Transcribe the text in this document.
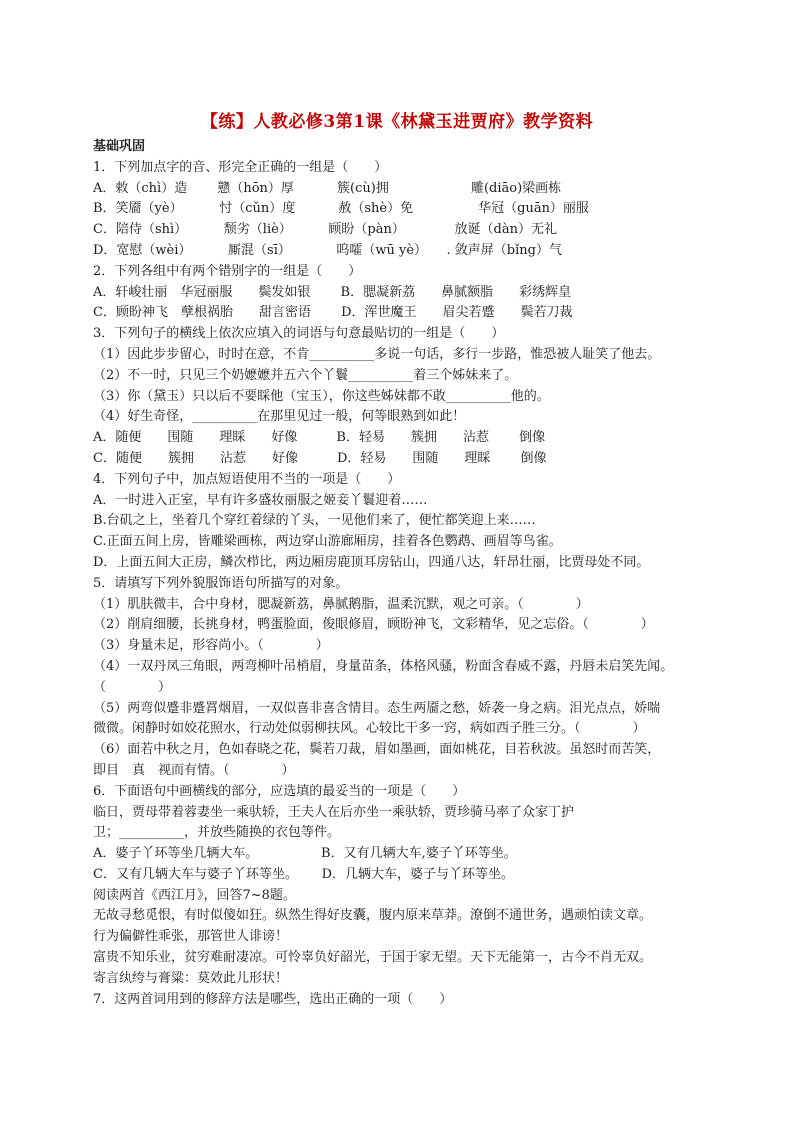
【练】人教必修3第1课《林黛玉进贾府》教学资料
基础巩固
1．下列加点字的音、形完全正确的一组是（　　）
A．敕（chì）造　　 戆（hōn）厚　　　 簇(cù)拥　　　　　　 雕(diāo)梁画栋
B．笑靥（yè）　　　 忖（cǔn）度　　　 赦（shè）免　　　　　华冠（guān）丽服
C．陪侍（shì）　　　 颓劣（liè）　　　 顾盼（pàn）　　　　 放诞（dàn）无礼
D．宽慰（wèi）　　　 厮混（sī）　　　　呜嚯（wū yè）　　. 敛声屏（bǐng）气
2．下列各组中有两个错别字的一组是（　　）
A．轩峻壮丽　华冠丽服　　鬓发如银　　 B．腮凝新荔　　鼻腻额脂　　彩绣辉皇
C．顾盼神飞　孽根祸胎　　甜言密语　　 D．浑世魔王　　眉尖若蹙　　鬓若刀裁
3．下列句子的横线上依次应填入的词语与句意最贴切的一组是（　　）
（1）因此步步留心，时时在意，不肯__________多说一句话，多行一步路，惟恐被人耻笑了他去。
（2）不一时，只见三个奶嬷嬷并五六个丫鬟__________着三个姊妹来了。
（3）你（黛玉）只以后不要睬他（宝玉），你这些姊妹都不敢__________他的。
（4）好生奇怪，__________在那里见过一般，何等眼熟到如此！
A．随便　　围随　　理睬　　好像　　　B．轻易　　簇拥　　沾惹　　 倒像
C．随便　　簇拥　　沾惹　　好像　　　D．轻易　　围随　　理睬　　 倒像
4．下列句子中，加点短语使用不当的一项是（　　）
A．一时进入正室，早有许多盛妆丽服之姬妾丫鬟迎着……
B.台矶之上，坐着几个穿红着绿的丫头，一见他们来了，便忙都笑迎上来……
C.正面五间上房，皆雕梁画栋，两边穿山游廊厢房，挂着各色鹦鹉、画眉等鸟雀。
D．上面五间大正房，鳞次栉比，两边厢房鹿顶耳房钻山，四通八达，轩昂壮丽，比贾母处不同。
5．请填写下列外貌服饰语句所描写的对象。
（1）肌肤微丰，合中身材，腮凝新荔，鼻腻鹅脂，温柔沉默，观之可亲。（　　　　）
（2）削肩细腰，长挑身材，鸭蛋脸面，俊眼修眉，顾盼神飞，文彩精华，见之忘俗。（　　　　）
（3）身量未足，形容尚小。（　　　　）
（4）一双丹凤三角眼，两弯柳叶吊梢眉，身量苗条，体格风骚，粉面含春威不露，丹唇未启笑先闻。
（　　　　）
（5）两弯似蹙非蹙罥烟眉，一双似喜非喜含情目。态生两靥之愁，娇袭一身之病。泪光点点，娇喘
微微。闲静时如姣花照水，行动处似弱柳扶风。心较比干多一窍，病如西子胜三分。（　　　　）
（6）面若中秋之月，色如春晓之花，鬓若刀裁，眉如墨画，面如桃花，目若秋波。虽怒时而苦笑，
即目　真　视而有情。（　　　　）
6．下面语句中画横线的部分，应选填的最妥当的一项是（　　）
临日，贾母带着蓉妻坐一乘驮轿，王夫人在后亦坐一乘驮轿，贾珍骑马率了众家丁护
卫；__________，并放些随换的衣包等件。
A．婆子丫环等坐几辆大车。　　　　　 B．又有几辆大车,婆子丫环等坐。
C．又有几辆大车与婆子丫环等坐。　　 D．几辆大车，婆子与丫环等坐。
阅读两首《西江月》，回答7~8题。
无故寻愁觅恨，有时似傻如狂。纵然生得好皮囊，腹内原来草莽。潦倒不通世务，遇顽怕读文章。
行为偏僻性乖张，那管世人诽谤！
富贵不知乐业，贫穷难耐凄凉。可怜辜负好韶光，于国于家无望。天下无能第一，古今不肖无双。
寄言纨绔与膏粱：莫效此儿形状！
7．这两首词用到的修辞方法是哪些，选出正确的一项（　　）
